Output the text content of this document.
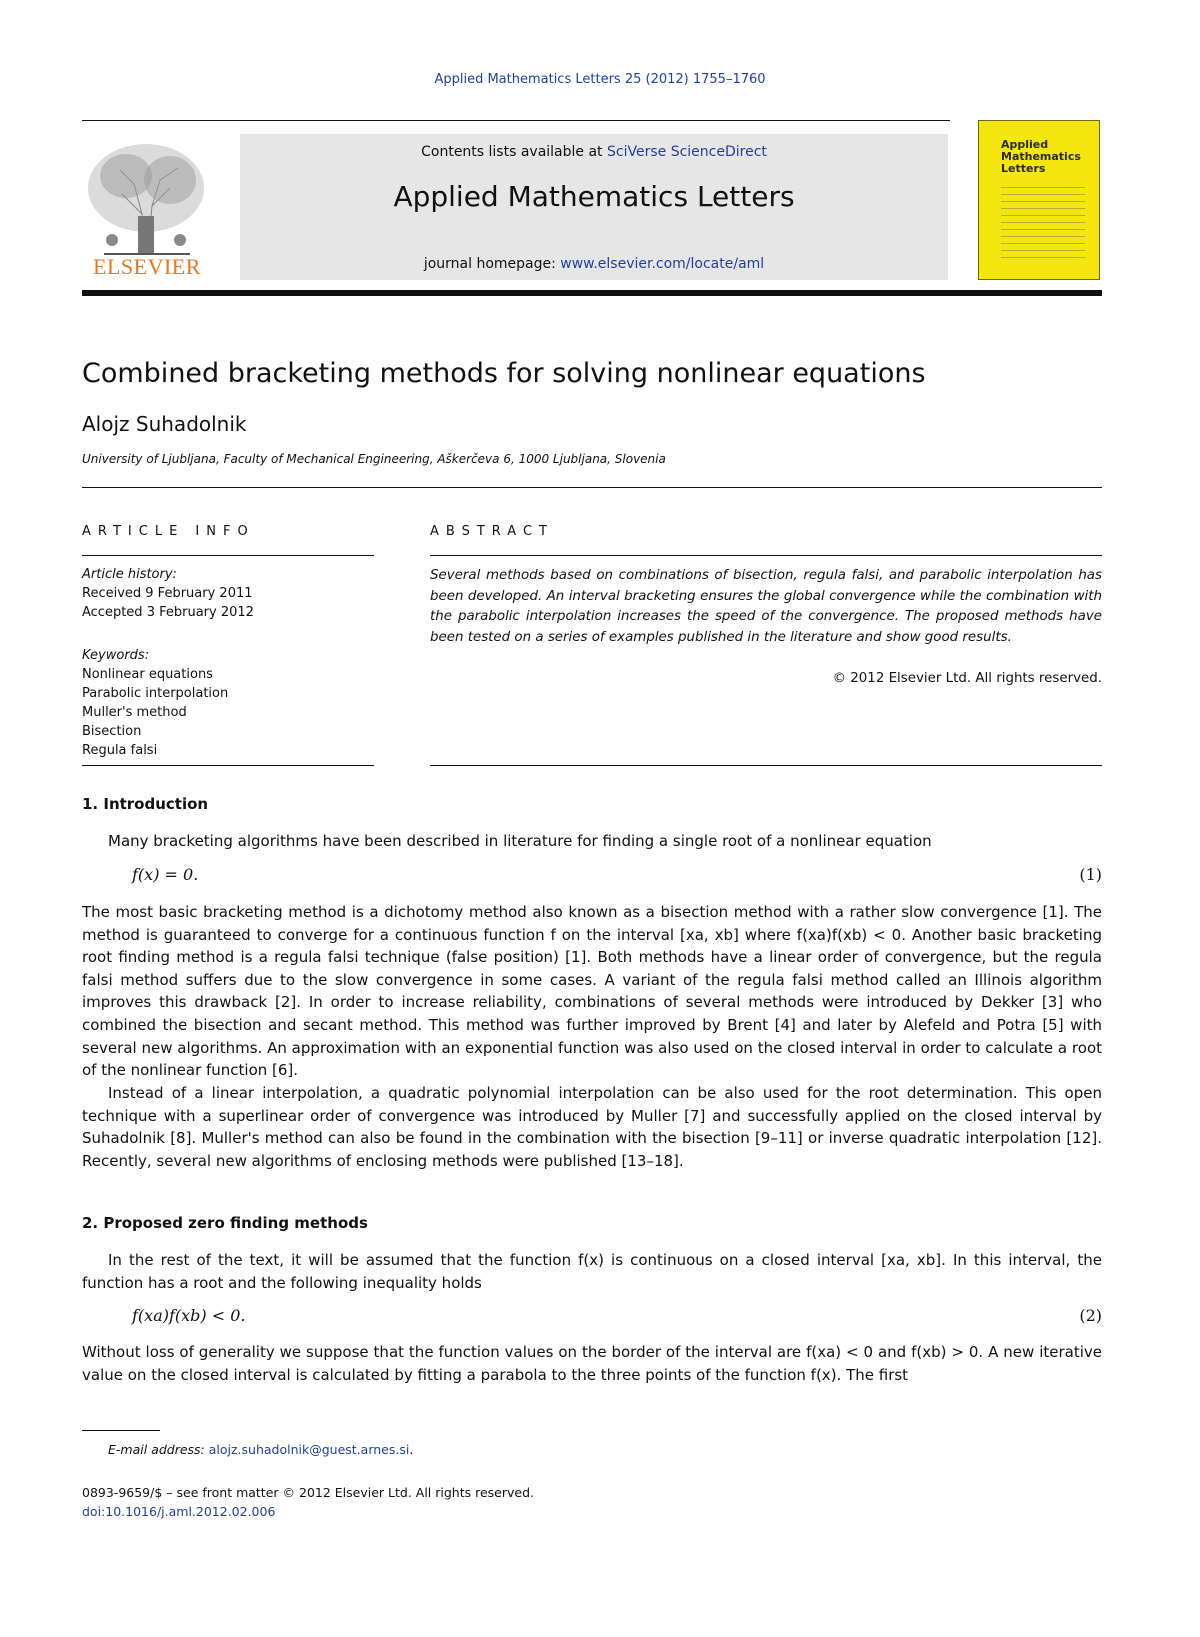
Applied Mathematics Letters 25 (2012) 1755–1760
ELSEVIER
Contents lists available at SciVerse ScienceDirect
Applied Mathematics Letters
journal homepage: www.elsevier.com/locate/aml
Applied
Mathematics
Letters
Combined bracketing methods for solving nonlinear equations
Alojz Suhadolnik
University of Ljubljana, Faculty of Mechanical Engineering, Aškerčeva 6, 1000 Ljubljana, Slovenia
ARTICLE INFO	ABSTRACT
Article history:
Received 9 February 2011
Accepted 3 February 2012
Keywords:
Nonlinear equations
Parabolic interpolation
Muller's method
Bisection
Regula falsi
Several methods based on combinations of bisection, regula falsi, and parabolic interpolation has been developed. An interval bracketing ensures the global convergence while the combination with the parabolic interpolation increases the speed of the convergence. The proposed methods have been tested on a series of examples published in the literature and show good results.
© 2012 Elsevier Ltd. All rights reserved.
1. Introduction
Many bracketing algorithms have been described in literature for finding a single root of a nonlinear equation
f(x) = 0.	(1)
The most basic bracketing method is a dichotomy method also known as a bisection method with a rather slow convergence [1]. The method is guaranteed to converge for a continuous function f on the interval [xa, xb] where f(xa)f(xb) < 0. Another basic bracketing root finding method is a regula falsi technique (false position) [1]. Both methods have a linear order of convergence, but the regula falsi method suffers due to the slow convergence in some cases. A variant of the regula falsi method called an Illinois algorithm improves this drawback [2]. In order to increase reliability, combinations of several methods were introduced by Dekker [3] who combined the bisection and secant method. This method was further improved by Brent [4] and later by Alefeld and Potra [5] with several new algorithms. An approximation with an exponential function was also used on the closed interval in order to calculate a root of the nonlinear function [6].
Instead of a linear interpolation, a quadratic polynomial interpolation can be also used for the root determination. This open technique with a superlinear order of convergence was introduced by Muller [7] and successfully applied on the closed interval by Suhadolnik [8]. Muller's method can also be found in the combination with the bisection [9–11] or inverse quadratic interpolation [12]. Recently, several new algorithms of enclosing methods were published [13–18].
2. Proposed zero finding methods
In the rest of the text, it will be assumed that the function f(x) is continuous on a closed interval [xa, xb]. In this interval, the function has a root and the following inequality holds
f(xa)f(xb) < 0.	(2)
Without loss of generality we suppose that the function values on the border of the interval are f(xa) < 0 and f(xb) > 0. A new iterative value on the closed interval is calculated by fitting a parabola to the three points of the function f(x). The first
E-mail address: alojz.suhadolnik@guest.arnes.si.
0893-9659/$ – see front matter © 2012 Elsevier Ltd. All rights reserved.
doi:10.1016/j.aml.2012.02.006
